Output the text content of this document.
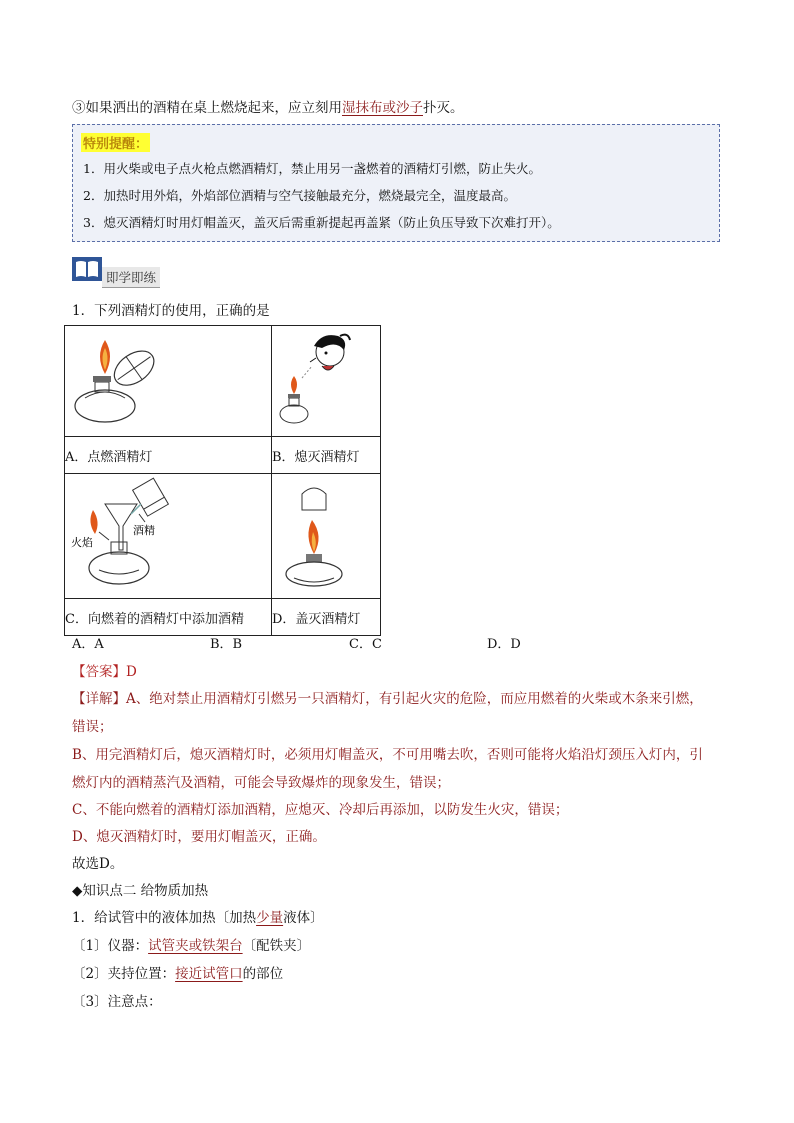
③如果洒出的酒精在桌上燃烧起来，应立刻用湿抹布或沙子扑灭。
特别提醒：
1．用火柴或电子点火枪点燃酒精灯，禁止用另一盏燃着的酒精灯引燃，防止失火。
2．加热时用外焰，外焰部位酒精与空气接触最充分，燃烧最完全，温度最高。
3．熄灭酒精灯时用灯帽盖灭，盖灭后需重新提起再盖紧（防止负压导致下次难打开）。
即学即练
1．下列酒精灯的使用，正确的是

A．点燃酒精灯	B．熄灭酒精灯

火焰
酒精

C．向燃着的酒精灯中添加酒精	D．盖灭酒精灯
A．A	B．B	C．C	D．D
【答案】D
【详解】A、绝对禁止用酒精灯引燃另一只酒精灯，有引起火灾的危险，而应用燃着的火柴或木条来引燃，
错误；
B、用完酒精灯后，熄灭酒精灯时，必须用灯帽盖灭，不可用嘴去吹，否则可能将火焰沿灯颈压入灯内，引
燃灯内的酒精蒸汽及酒精，可能会导致爆炸的现象发生，错误；
C、不能向燃着的酒精灯添加酒精，应熄灭、冷却后再添加，以防发生火灾，错误；
D、熄灭酒精灯时，要用灯帽盖灭，正确。
故选D。
◆知识点二 给物质加热
1．给试管中的液体加热〔加热少量液体〕
〔1〕仪器：试管夹或铁架台〔配铁夹〕
〔2〕夹持位置：接近试管口的部位
〔3〕注意点：
